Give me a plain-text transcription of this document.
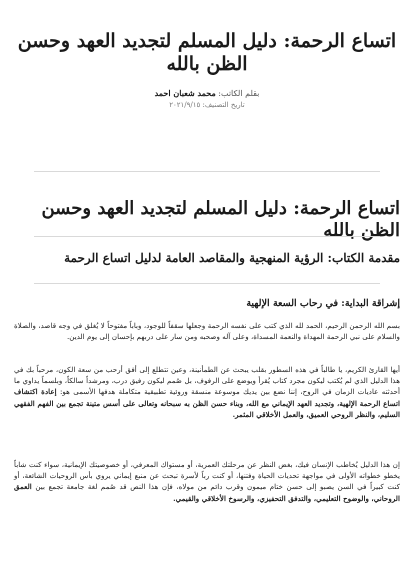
اتساع الرحمة: دليل المسلم لتجديد العهد وحسن الظن بالله
بقلم الكاتب: محمد شعبان احمد
تاريخ التصنيف: ٢٠٢١/٩/١٥
اتساع الرحمة: دليل المسلم لتجديد العهد وحسن الظن بالله
مقدمة الكتاب: الرؤية المنهجية والمقاصد العامة لدليل اتساع الرحمة
إشراقة البداية: في رحاب السعة الإلهية

بسم الله الرحمن الرحيم، الحمد لله الذي كتب على نفسه الرحمة وجعلها سقفاً للوجود، وباباً مفتوحاً لا يُغلق في وجه قاصد، والصلاة والسلام على نبي الرحمة المهداة والنعمة المسداة، وعلى آله وصحبه ومن سار على دربهم بإحسان إلى يوم الدين.

أيها القارئ الكريم، يا طالباً في هذه السطور بقلب يبحث عن الطمأنينة، وعين تتطلع إلى أفق أرحب من سعة الكون، مرحباً بك في هذا الدليل الذي لم يُكتب ليكون مجرد كتاب يُقرأ ويوضع على الرفوف، بل صُمم ليكون رفيق درب، ومرشداً سالكاً، وبلسماً يداوي ما أحدثته عاديات الزمان في الروح، إننا نضع بين يديك موسوعة منسقة وروئية تطبيقية متكاملة هدفها الأسمى هو: إعادة اكتشاف اتساع الرحمة الإلهية، وتجديد العهد الإيماني مع الله، وبناء حسن الظن به سبحانه وتعالى على أسس متينة تجمع بين الفهم الفقهي السليم، والنظر الروحي العميق، والعمل الأخلاقي المثمر.

إن هذا الدليل يُخاطب الإنسان فيك، بغض النظر عن مرحلتك العمرية، أو مستواك المعرفي، أو خصوصيتك الإيمانية، سواء كنت شاباً يخطو خطواته الأولى في مواجهة تحديات الحياة وفتنها، أو كنت رباً لأسرة تبحث عن منبع إيماني يروي بأس الروحيات الشائعة، أو كنت كبيراً في السن يصبو إلى حسن ختام ميمون وقرب دائم من مولاه، فإن هذا النص قد صُمم لغة جامعة تجمع بين العمق الروحاني، والوضوح التعليمي، والتدفق التحفيزي، والرسوخ الأخلاقي والقيمي.
